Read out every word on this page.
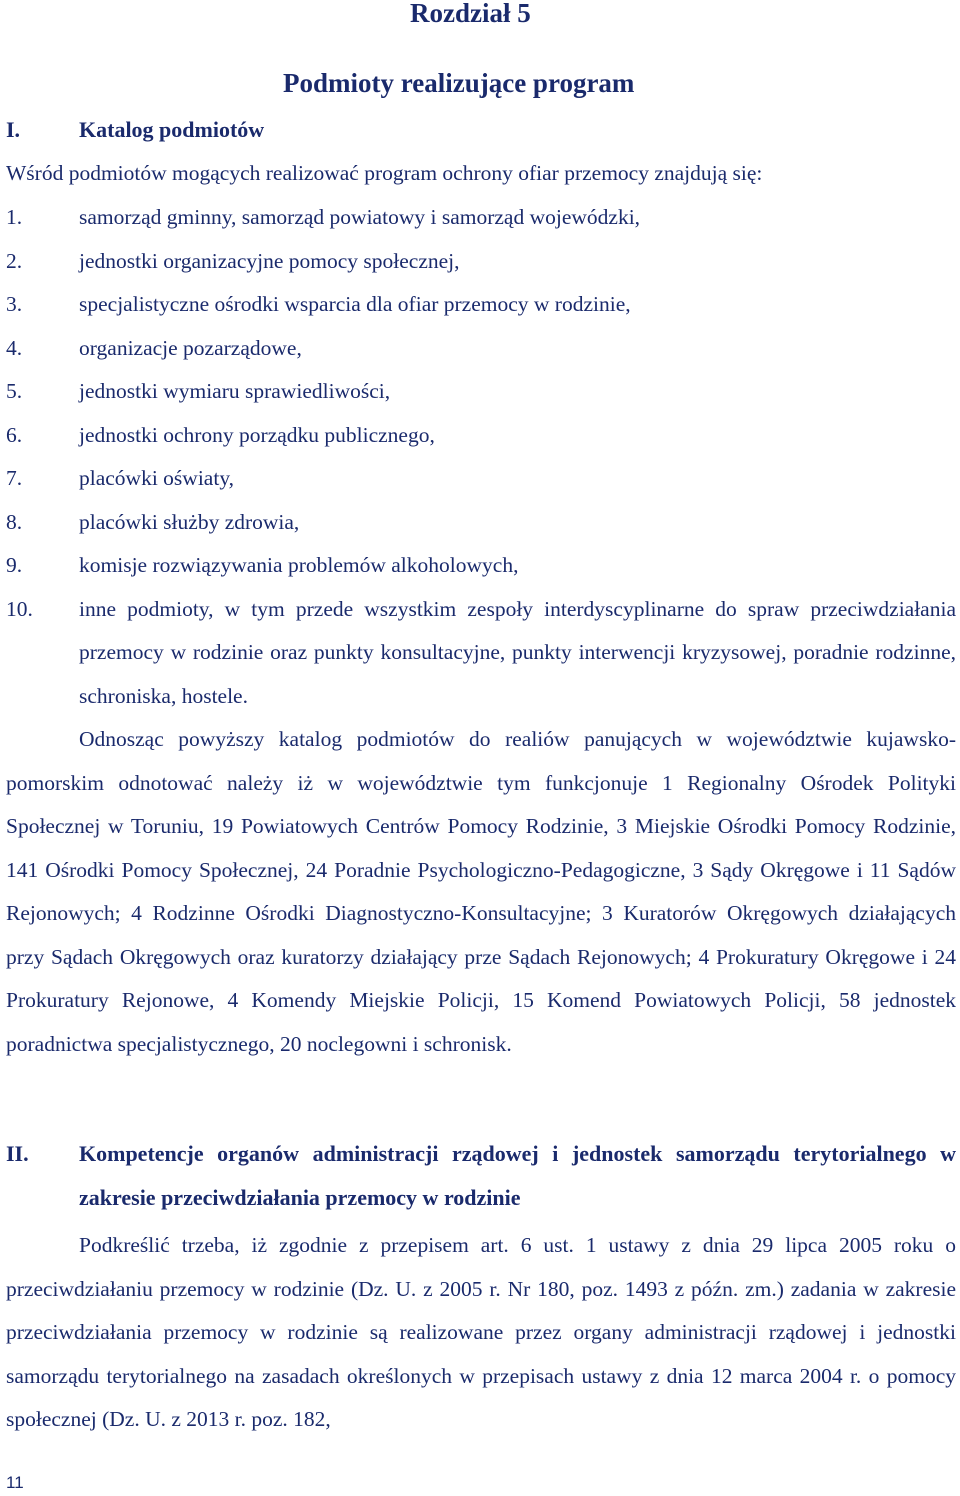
Rozdział 5
Podmioty realizujące program
I.	Katalog podmiotów
Wśród podmiotów mogących realizować program ochrony ofiar przemocy znajdują się:
1.	samorząd gminny, samorząd powiatowy i samorząd wojewódzki,
2.	jednostki organizacyjne pomocy społecznej,
3.	specjalistyczne ośrodki wsparcia dla ofiar przemocy w rodzinie,
4.	organizacje pozarządowe,
5.	jednostki wymiaru sprawiedliwości,
6.	jednostki ochrony porządku publicznego,
7.	placówki oświaty,
8.	placówki służby zdrowia,
9.	komisje rozwiązywania problemów alkoholowych,
10.	inne podmioty, w tym przede wszystkim zespoły interdyscyplinarne do spraw przeciwdziałania przemocy w rodzinie oraz punkty konsultacyjne, punkty interwencji kryzysowej, poradnie rodzinne, schroniska, hostele.

Odnosząc powyższy katalog podmiotów do realiów panujących w województwie kujawsko-pomorskim odnotować należy iż w województwie tym funkcjonuje 1 Regionalny Ośrodek Polityki Społecznej w Toruniu, 19 Powiatowych Centrów Pomocy Rodzinie, 3 Miejskie Ośrodki Pomocy Rodzinie, 141 Ośrodki Pomocy Społecznej, 24 Poradnie Psychologiczno-Pedagogiczne, 3 Sądy Okręgowe i 11 Sądów Rejonowych; 4 Rodzinne Ośrodki Diagnostyczno-Konsultacyjne; 3 Kuratorów Okręgowych działających przy Sądach Okręgowych oraz kuratorzy działający prze Sądach Rejonowych; 4 Prokuratury Okręgowe i 24 Prokuratury Rejonowe, 4 Komendy Miejskie Policji, 15 Komend Powiatowych Policji, 58 jednostek poradnictwa specjalistycznego, 20 noclegowni i schronisk.

II.	Kompetencje organów administracji rządowej i jednostek samorządu terytorialnego w zakresie przeciwdziałania przemocy w rodzinie

Podkreślić trzeba, iż zgodnie z przepisem art. 6 ust. 1 ustawy z dnia 29 lipca 2005 roku o przeciwdziałaniu przemocy w rodzinie (Dz. U. z 2005 r. Nr 180, poz. 1493 z późn. zm.) zadania w zakresie przeciwdziałania przemocy w rodzinie są realizowane przez organy administracji rządowej i jednostki samorządu terytorialnego na zasadach określonych w przepisach ustawy z dnia 12 marca 2004 r. o pomocy społecznej (Dz. U. z 2013 r. poz. 182,

11
